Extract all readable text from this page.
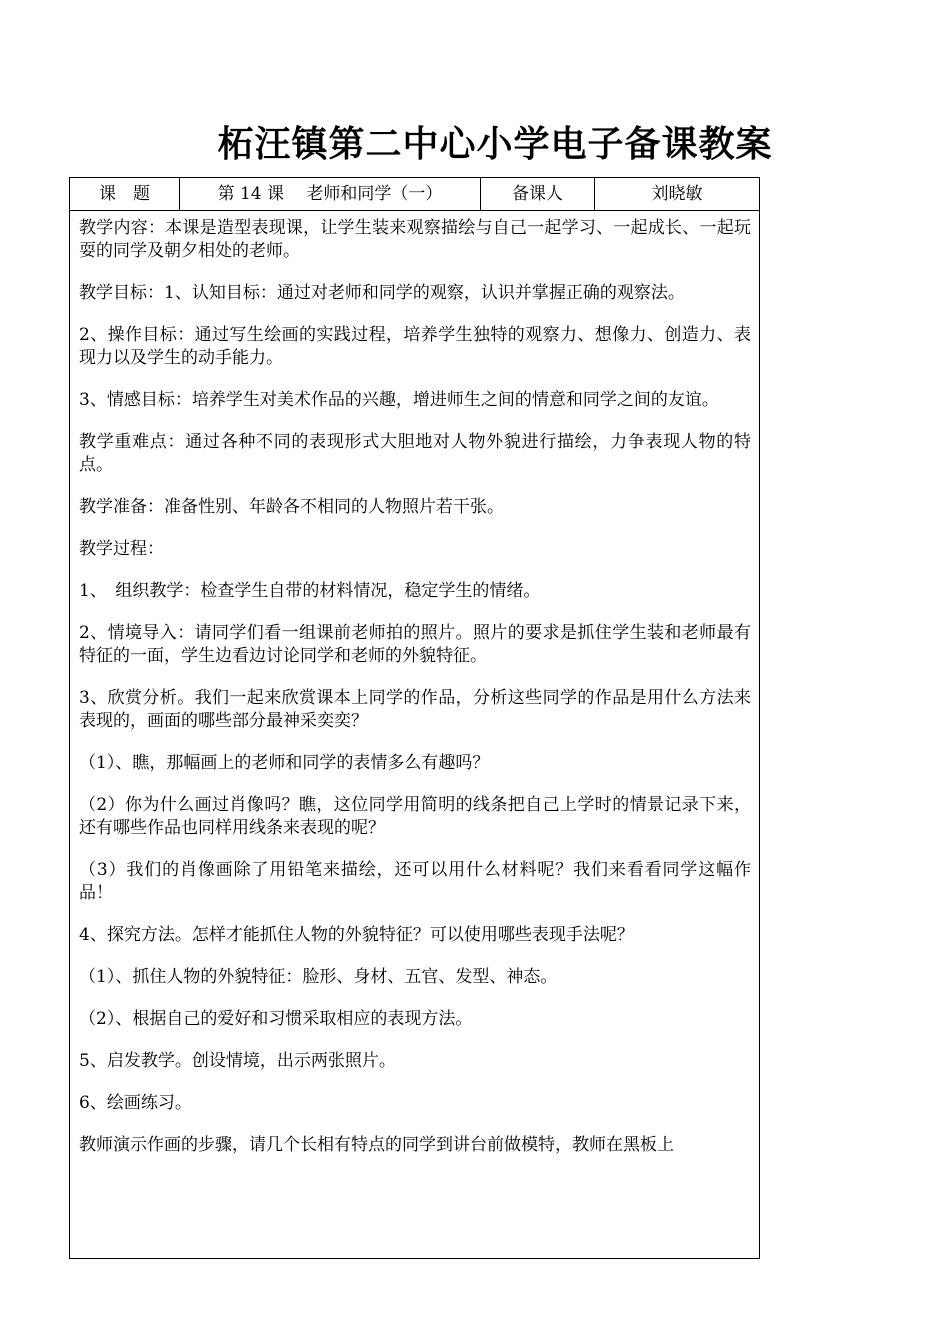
柘汪镇第二中心小学电子备课教案
课　题	第 14 课　 老师和同学（一）	备课人	刘晓敏

教学内容：本课是造型表现课，让学生装来观察描绘与自己一起学习、一起成长、一起玩耍的同学及朝夕相处的老师。

教学目标：1、认知目标：通过对老师和同学的观察，认识并掌握正确的观察法。

2、操作目标：通过写生绘画的实践过程，培养学生独特的观察力、想像力、创造力、表现力以及学生的动手能力。

3、情感目标：培养学生对美术作品的兴趣，增进师生之间的情意和同学之间的友谊。

教学重难点：通过各种不同的表现形式大胆地对人物外貌进行描绘，力争表现人物的特点。

教学准备：准备性别、年龄各不相同的人物照片若干张。

教学过程：

1、　组织教学：检查学生自带的材料情况，稳定学生的情绪。

2、情境导入：请同学们看一组课前老师拍的照片。照片的要求是抓住学生装和老师最有特征的一面，学生边看边讨论同学和老师的外貌特征。

3、欣赏分析。我们一起来欣赏课本上同学的作品，分析这些同学的作品是用什么方法来表现的，画面的哪些部分最神采奕奕？

（1）、瞧，那幅画上的老师和同学的表情多么有趣吗？

（2）你为什么画过肖像吗？瞧，这位同学用简明的线条把自己上学时的情景记录下来，还有哪些作品也同样用线条来表现的呢？

（3）我们的肖像画除了用铅笔来描绘，还可以用什么材料呢？我们来看看同学这幅作品！

4、探究方法。怎样才能抓住人物的外貌特征？可以使用哪些表现手法呢？

（1）、抓住人物的外貌特征：脸形、身材、五官、发型、神态。

（2）、根据自己的爱好和习惯采取相应的表现方法。

5、启发教学。创设情境，出示两张照片。

6、绘画练习。

教师演示作画的步骤，请几个长相有特点的同学到讲台前做模特，教师在黑板上
